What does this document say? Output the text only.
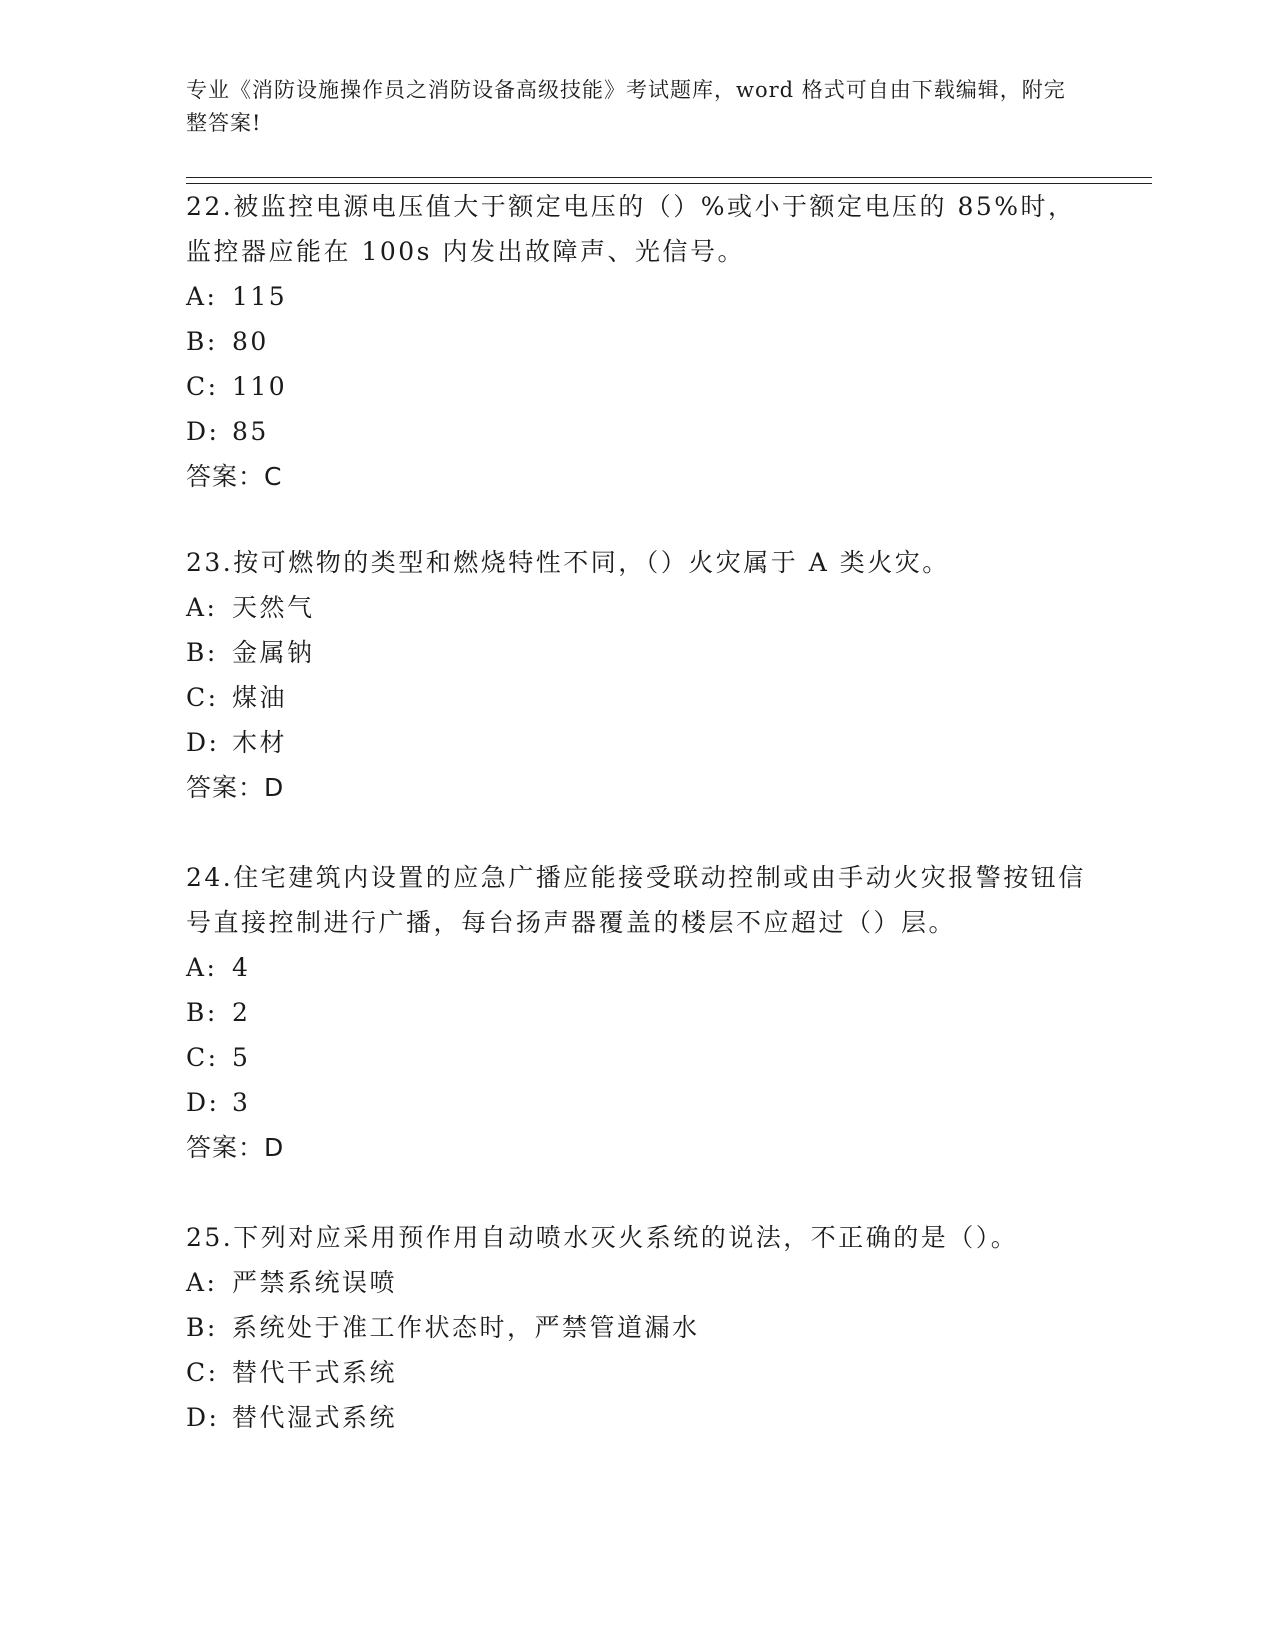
专业《消防设施操作员之消防设备高级技能》考试题库，word 格式可自由下载编辑，附完整答案!

22.被监控电源电压值大于额定电压的（）%或小于额定电压的 85%时，监控器应能在 100s 内发出故障声、光信号。

A: 115

B: 80

C: 110

D: 85

答案：C

23.按可燃物的类型和燃烧特性不同，（）火灾属于 A 类火灾。

A: 天然气

B: 金属钠

C: 煤油

D: 木材

答案：D

24.住宅建筑内设置的应急广播应能接受联动控制或由手动火灾报警按钮信号直接控制进行广播，每台扬声器覆盖的楼层不应超过（）层。

A: 4

B: 2

C: 5

D: 3

答案：D

25.下列对应采用预作用自动喷水灭火系统的说法，不正确的是（）。

A: 严禁系统误喷

B: 系统处于准工作状态时，严禁管道漏水

C: 替代干式系统

D: 替代湿式系统
